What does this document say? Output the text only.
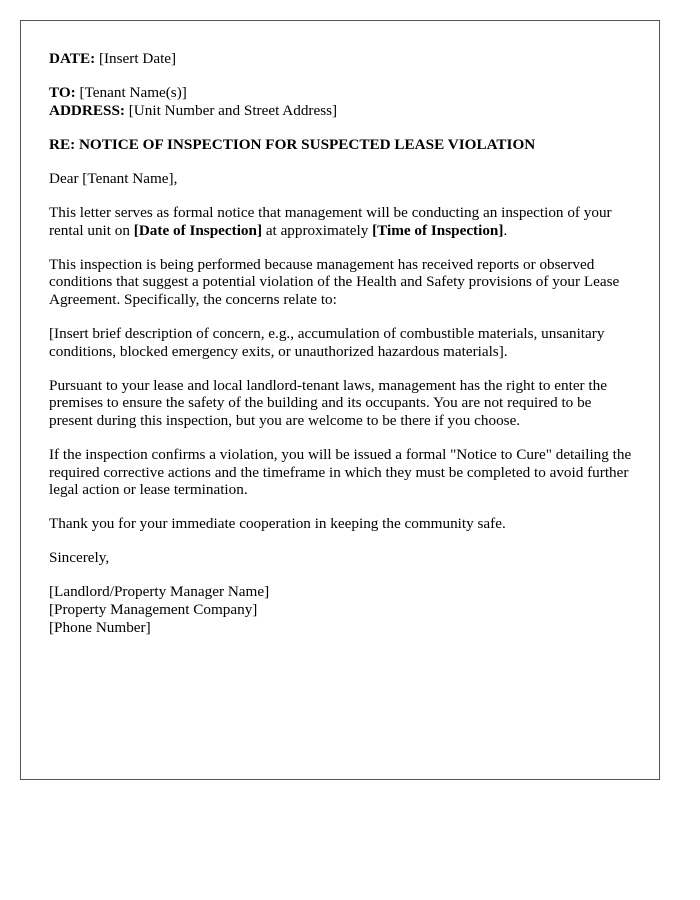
DATE: [Insert Date]

TO: [Tenant Name(s)]

ADDRESS: [Unit Number and Street Address]

RE: NOTICE OF INSPECTION FOR SUSPECTED LEASE VIOLATION

Dear [Tenant Name],

This letter serves as formal notice that management will be conducting an inspection of your rental unit on [Date of Inspection] at approximately [Time of Inspection].

This inspection is being performed because management has received reports or observed conditions that suggest a potential violation of the Health and Safety provisions of your Lease Agreement. Specifically, the concerns relate to:

[Insert brief description of concern, e.g., accumulation of combustible materials, unsanitary conditions, blocked emergency exits, or unauthorized hazardous materials].

Pursuant to your lease and local landlord-tenant laws, management has the right to enter the premises to ensure the safety of the building and its occupants. You are not required to be present during this inspection, but you are welcome to be there if you choose.

If the inspection confirms a violation, you will be issued a formal "Notice to Cure" detailing the required corrective actions and the timeframe in which they must be completed to avoid further legal action or lease termination.

Thank you for your immediate cooperation in keeping the community safe.

Sincerely,

[Landlord/Property Manager Name]
[Property Management Company]
[Phone Number]
